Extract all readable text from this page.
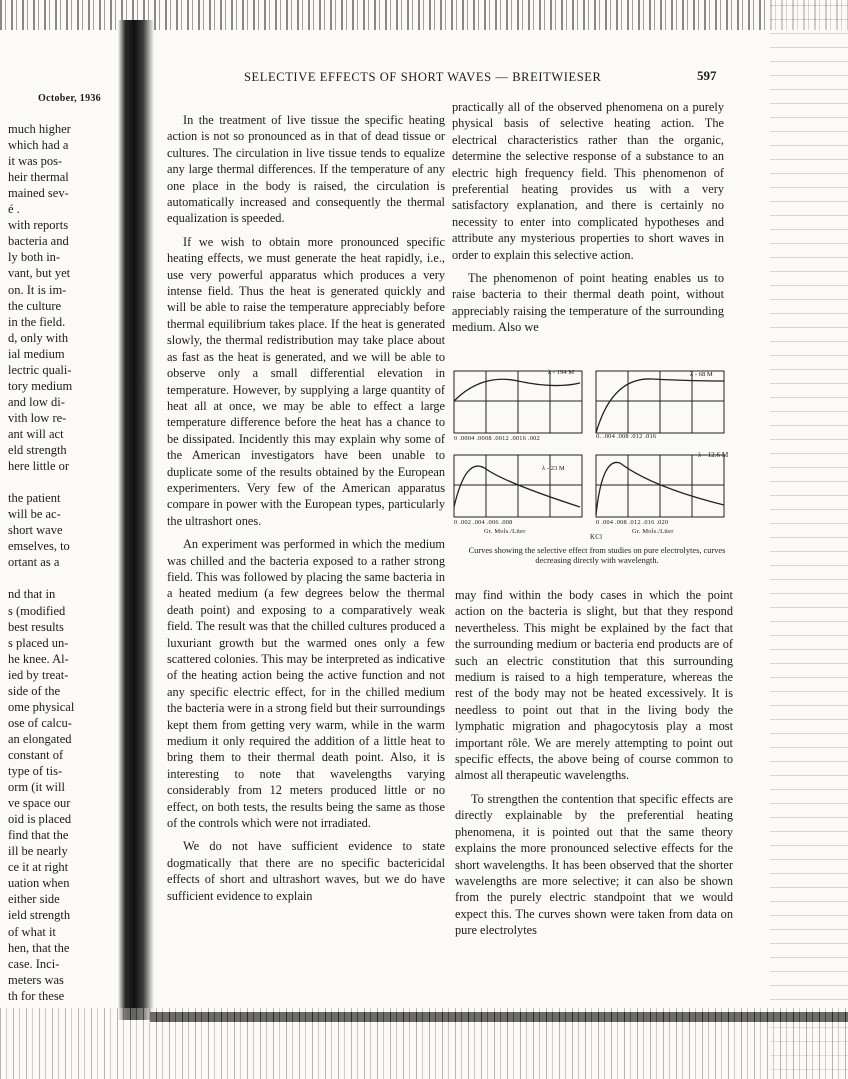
October, 1936
much higher
which had a
it was pos-
heir thermal
mained sev-
é .
with reports
bacteria and
ly both in-
vant, but yet
on. It is im-
the culture
in the field.
d, only with
ial medium
lectric quali-
tory medium
and low di-
vith low re-
ant will act
eld strength
here little or
the patient
will be ac-
short wave
emselves, to
ortant as a
nd that in
s (modified
best results
s placed un-
he knee. Al-
ied by treat-
side of the
ome physical
ose of calcu-
an elongated
constant of
type of tis-
orm (it will
ve space our
oid is placed
find that the
ill be nearly
ce it at right
uation when
either side
ield strength
of what it
hen, that the
case. Inci-
meters was
th for these
SELECTIVE EFFECTS OF SHORT WAVES — BREITWIESER	597

In the treatment of live tissue the specific heating action is not so pronounced as in that of dead tissue or cultures. The circulation in live tissue tends to equalize any large thermal differences. If the temperature of any one place in the body is raised, the circulation is automatically increased and consequently the thermal equalization is speeded.

If we wish to obtain more pronounced specific heating effects, we must generate the heat rapidly, i.e., use very powerful apparatus which produces a very intense field. Thus the heat is generated quickly and will be able to raise the temperature appreciably before thermal equilibrium takes place. If the heat is generated slowly, the thermal redistribution may take place about as fast as the heat is generated, and we will be able to observe only a small differential elevation in temperature. However, by supplying a large quantity of heat all at once, we may be able to effect a large temperature difference before the heat has a chance to be dissipated. Incidently this may explain why some of the American investigators have been unable to duplicate some of the results obtained by the European experimenters. Very few of the American apparatus compare in power with the European types, particularly the ultrashort ones.

An experiment was performed in which the medium was chilled and the bacteria exposed to a rather strong field. This was followed by placing the same bacteria in a heated medium (a few degrees below the thermal death point) and exposing to a comparatively weak field. The result was that the chilled cultures produced a luxuriant growth but the warmed ones only a few scattered colonies. This may be interpreted as indicative of the heating action being the active function and not any specific electric effect, for in the chilled medium the bacteria were in a strong field but their surroundings kept them from getting very warm, while in the warm medium it only required the addition of a little heat to bring them to their thermal death point. Also, it is interesting to note that wavelengths varying considerably from 12 meters produced little or no effect, on both tests, the results being the same as those of the controls which were not irradiated.

We do not have sufficient evidence to state dogmatically that there are no specific bactericidal effects of short and ultrashort waves, but we do have sufficient evidence to explain

practically all of the observed phenomena on a purely physical basis of selective heating action. The electrical characteristics rather than the organic, determine the selective response of a substance to an electric high frequency field. This phenomenon of preferential heating provides us with a very satisfactory explanation, and there is certainly no necessity to enter into complicated hypotheses and attribute any mysterious properties to short waves in order to explain this selective action.

The phenomenon of point heating enables us to raise bacteria to their thermal death point, without appreciably raising the temperature of the surrounding medium. Also we

λ - 194 M	λ - 68 M
λ - 23 M
λ - 12.6 M
0 .0004 .0008 .0012 .0016 .002	0. .004 .008 .012 .016
0 .002 .004 .006 .008	0 .004 .008 .012 .016 .020
Gr. Mols./Liter	Gr. Mols./Liter
KCl
Curves showing the selective effect from studies on pure electrolytes, curves decreasing directly with wavelength.

may find within the body cases in which the point action on the bacteria is slight, but that they respond nevertheless. This might be explained by the fact that the surrounding medium or bacteria end products are of such an electric constitution that this surrounding medium is raised to a high temperature, whereas the rest of the body may not be heated excessively. It is needless to point out that in the living body the lymphatic migration and phagocytosis play a most important rôle. We are merely attempting to point out specific effects, the above being of course common to almost all therapeutic wavelengths.

To strengthen the contention that specific effects are directly explainable by the preferential heating phenomena, it is pointed out that the same theory explains the more pronounced selective effects for the short wavelengths. It has been observed that the shorter wavelengths are more selective; it can also be shown from the purely electric standpoint that we would expect this. The curves shown were taken from data on pure electrolytes
